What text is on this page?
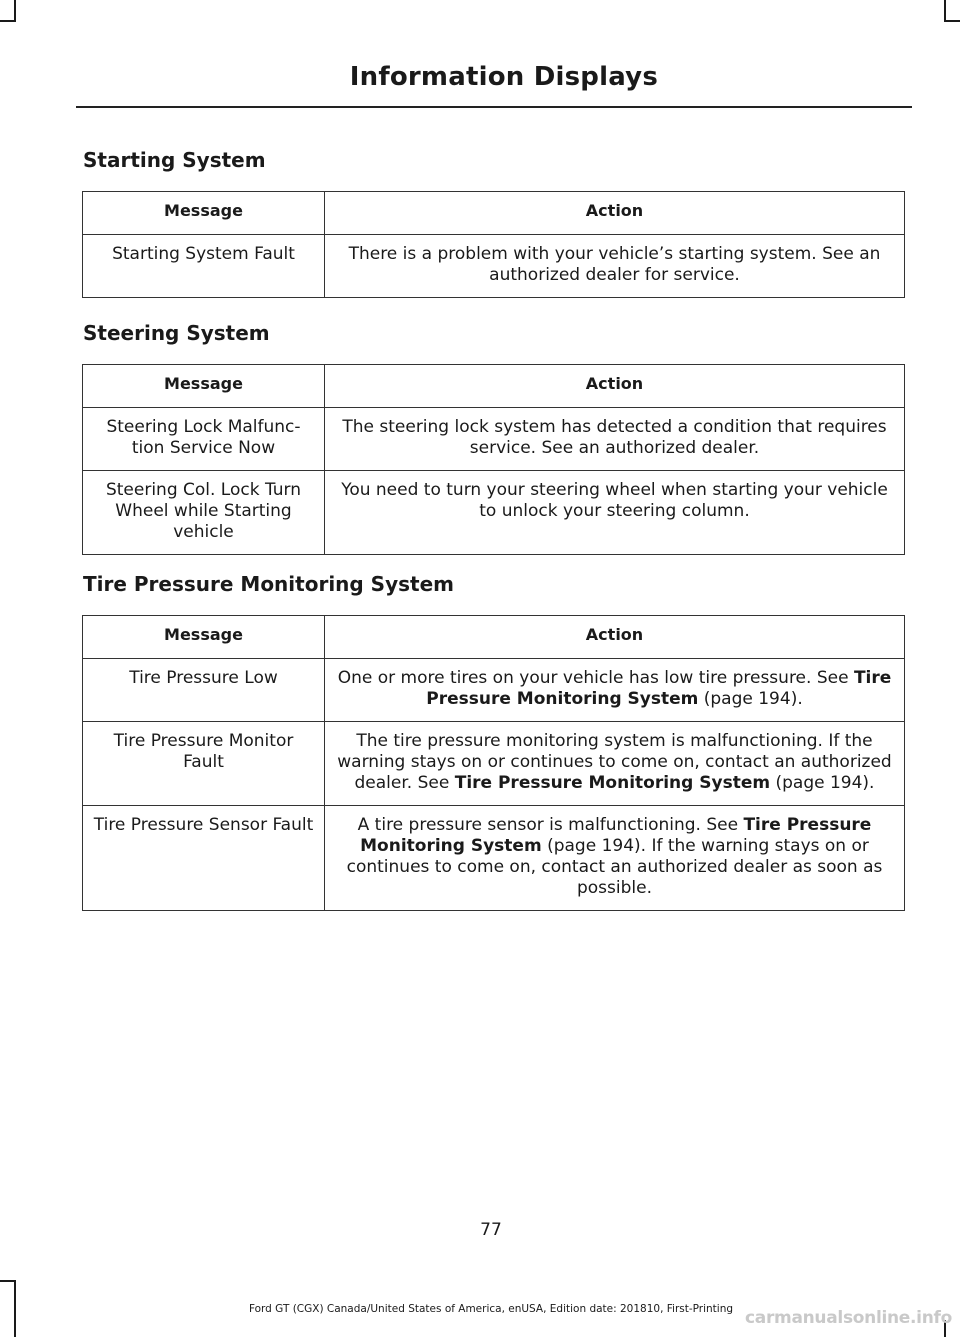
Information Displays
Starting System
Message	Action
Starting System Fault	There is a problem with your vehicle’s starting system. See an authorized dealer for service.
Steering System
Message	Action
Steering Lock Malfunc-tion Service Now	The steering lock system has detected a condition that requires service. See an authorized dealer.
Steering Col. Lock Turn Wheel while Starting vehicle	You need to turn your steering wheel when starting your vehicle to unlock your steering column.
Tire Pressure Monitoring System
Message	Action
Tire Pressure Low	One or more tires on your vehicle has low tire pressure. See Tire Pressure Monitoring System (page 194).
Tire Pressure Monitor Fault	The tire pressure monitoring system is malfunctioning. If the warning stays on or continues to come on, contact an authorized dealer. See Tire Pressure Monitoring System (page 194).
Tire Pressure Sensor Fault	A tire pressure sensor is malfunctioning. See Tire Pressure Monitoring System (page 194). If the warning stays on or continues to come on, contact an authorized dealer as soon as possible.
77
Ford GT (CGX) Canada/United States of America, enUSA, Edition date: 201810, First-Printing carmanualsonline.info
